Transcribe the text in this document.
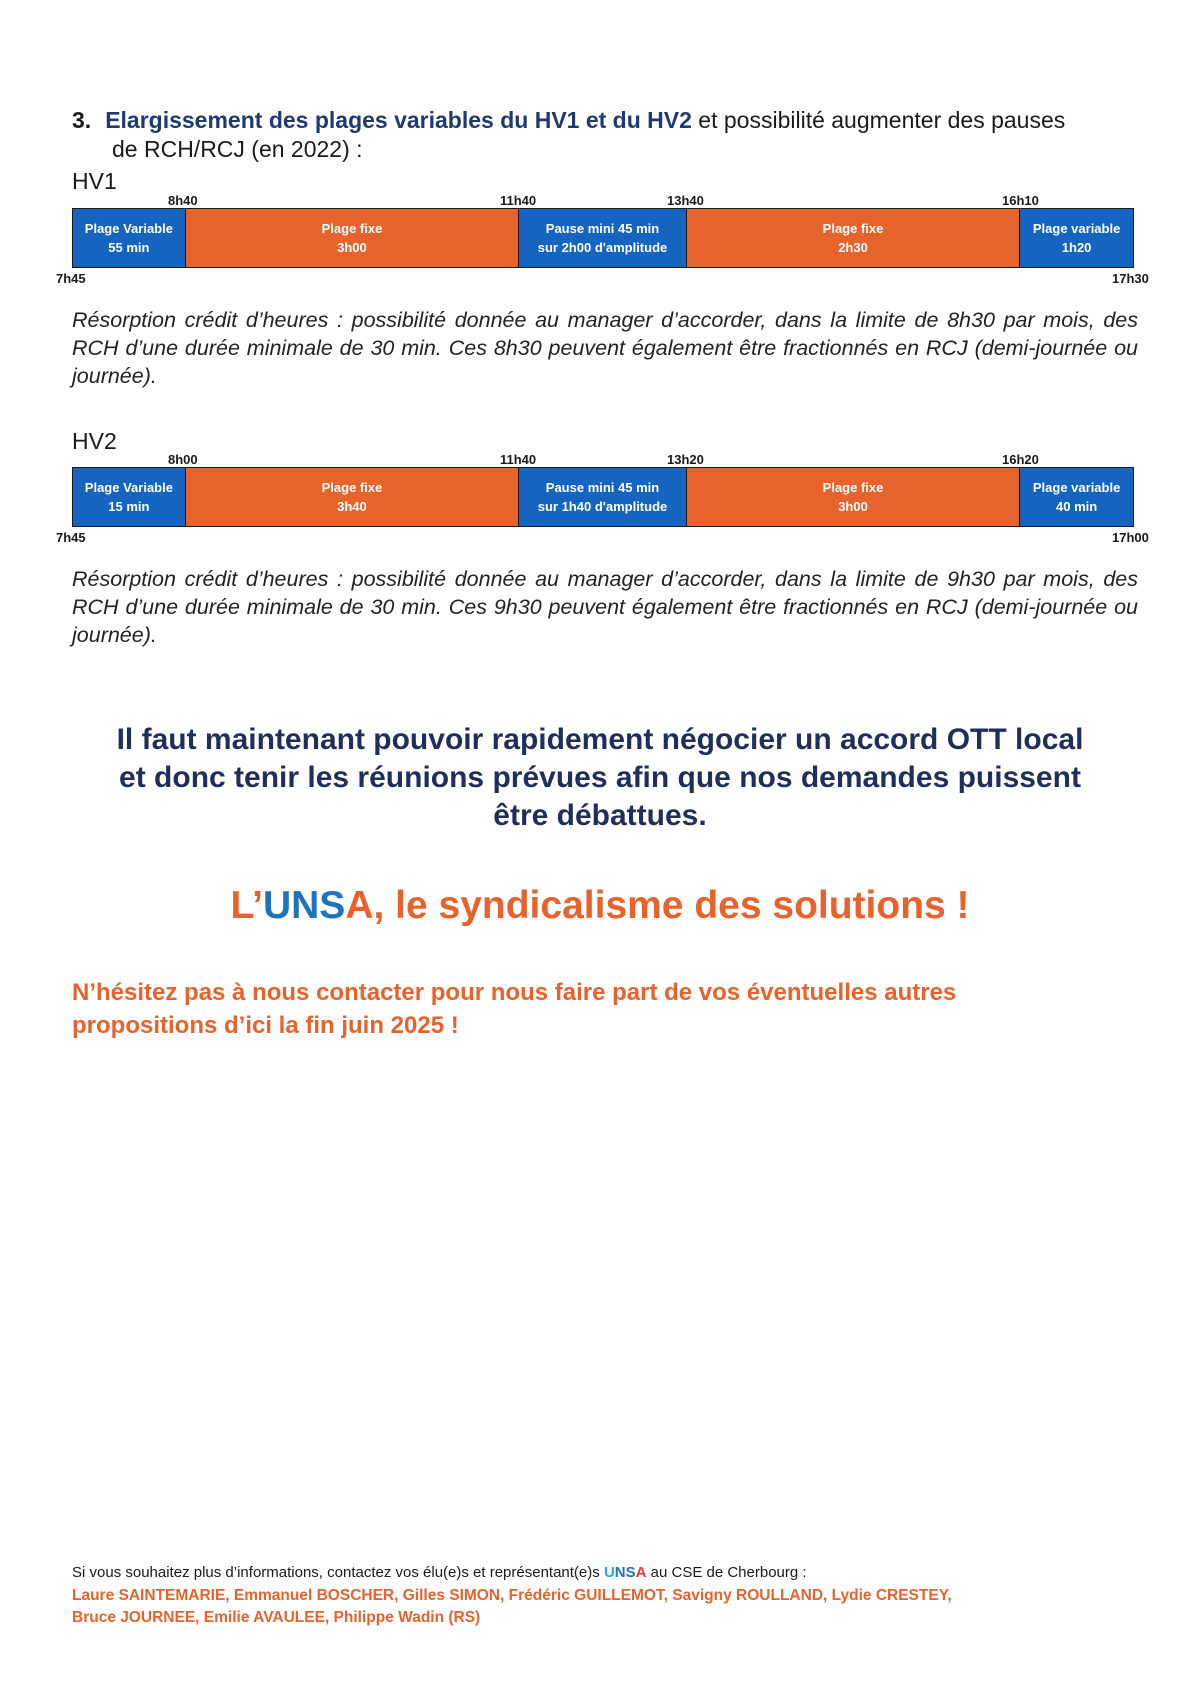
3. Elargissement des plages variables du HV1 et du HV2 et possibilité augmenter des pauses
de RCH/RCJ (en 2022) :
HV1
8h40	11h40	13h40	16h10
Plage Variable
55 min
Plage fixe
3h00
Pause mini 45 min
sur 2h00 d'amplitude
Plage fixe
2h30
Plage variable
1h20
7h45	17h30
Résorption crédit d’heures : possibilité donnée au manager d’accorder, dans la limite de 8h30 par mois, des RCH d’une durée minimale de 30 min. Ces 8h30 peuvent également être fractionnés en RCJ (demi-journée ou journée).
HV2
8h00	11h40	13h20	16h20
Plage Variable
15 min
Plage fixe
3h40
Pause mini 45 min
sur 1h40 d'amplitude
Plage fixe
3h00
Plage variable
40 min
7h45	17h00
Résorption crédit d’heures : possibilité donnée au manager d’accorder, dans la limite de 9h30 par mois, des RCH d’une durée minimale de 30 min. Ces 9h30 peuvent également être fractionnés en RCJ (demi-journée ou journée).
Il faut maintenant pouvoir rapidement négocier un accord OTT local
et donc tenir les réunions prévues afin que nos demandes puissent
être débattues.
L’UNSA, le syndicalisme des solutions !
N’hésitez pas à nous contacter pour nous faire part de vos éventuelles autres
propositions d’ici la fin juin 2025 !
Si vous souhaitez plus d’informations, contactez vos élu(e)s et représentant(e)s UNSA au CSE de Cherbourg :
Laure SAINTEMARIE, Emmanuel BOSCHER, Gilles SIMON, Frédéric GUILLEMOT, Savigny ROULLAND, Lydie CRESTEY,
Bruce JOURNEE, Emilie AVAULEE, Philippe Wadin (RS)
